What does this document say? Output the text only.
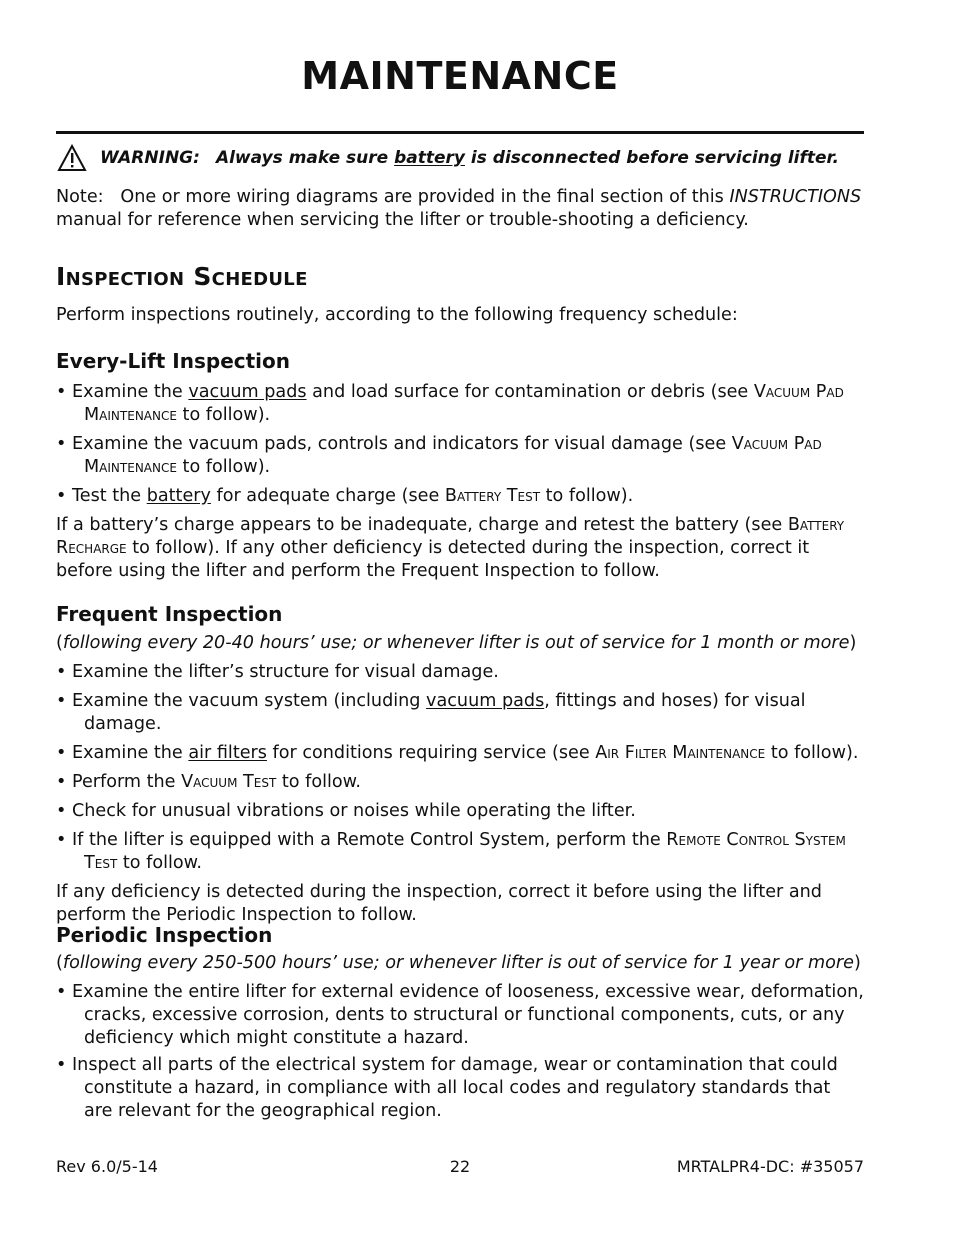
MAINTENANCE
WARNING: Always make sure battery is disconnected before servicing lifter.

Note: One or more wiring diagrams are provided in the final section of this INSTRUCTIONS
manual for reference when servicing the lifter or trouble-shooting a deficiency.

Inspection Schedule

Perform inspections routinely, according to the following frequency schedule:

Every-Lift Inspection
• Examine the vacuum pads and load surface for contamination or debris (see Vacuum Pad Maintenance to follow).
• Examine the vacuum pads, controls and indicators for visual damage (see Vacuum Pad Maintenance to follow).
• Test the battery for adequate charge (see Battery Test to follow).

If a battery’s charge appears to be inadequate, charge and retest the battery (see Battery Recharge to follow). If any other deficiency is detected during the inspection, correct it before using the lifter and perform the Frequent Inspection to follow.

Frequent Inspection

(following every 20-40 hours’ use; or whenever lifter is out of service for 1 month or more)

• Examine the lifter’s structure for visual damage.
• Examine the vacuum system (including vacuum pads, fittings and hoses) for visual damage.
• Examine the air filters for conditions requiring service (see Air Filter Maintenance to follow).
• Perform the Vacuum Test to follow.
• Check for unusual vibrations or noises while operating the lifter.
• If the lifter is equipped with a Remote Control System, perform the Remote Control System Test to follow.

If any deficiency is detected during the inspection, correct it before using the lifter and perform the Periodic Inspection to follow.

Periodic Inspection

(following every 250-500 hours’ use; or whenever lifter is out of service for 1 year or more)

• Examine the entire lifter for external evidence of looseness, excessive wear, deformation, cracks, excessive corrosion, dents to structural or functional components, cuts, or any deficiency which might constitute a hazard.
• Inspect all parts of the electrical system for damage, wear or contamination that could constitute a hazard, in compliance with all local codes and regulatory standards that are relevant for the geographical region.
Rev 6.0/5-14	22	MRTALPR4-DC: #35057
